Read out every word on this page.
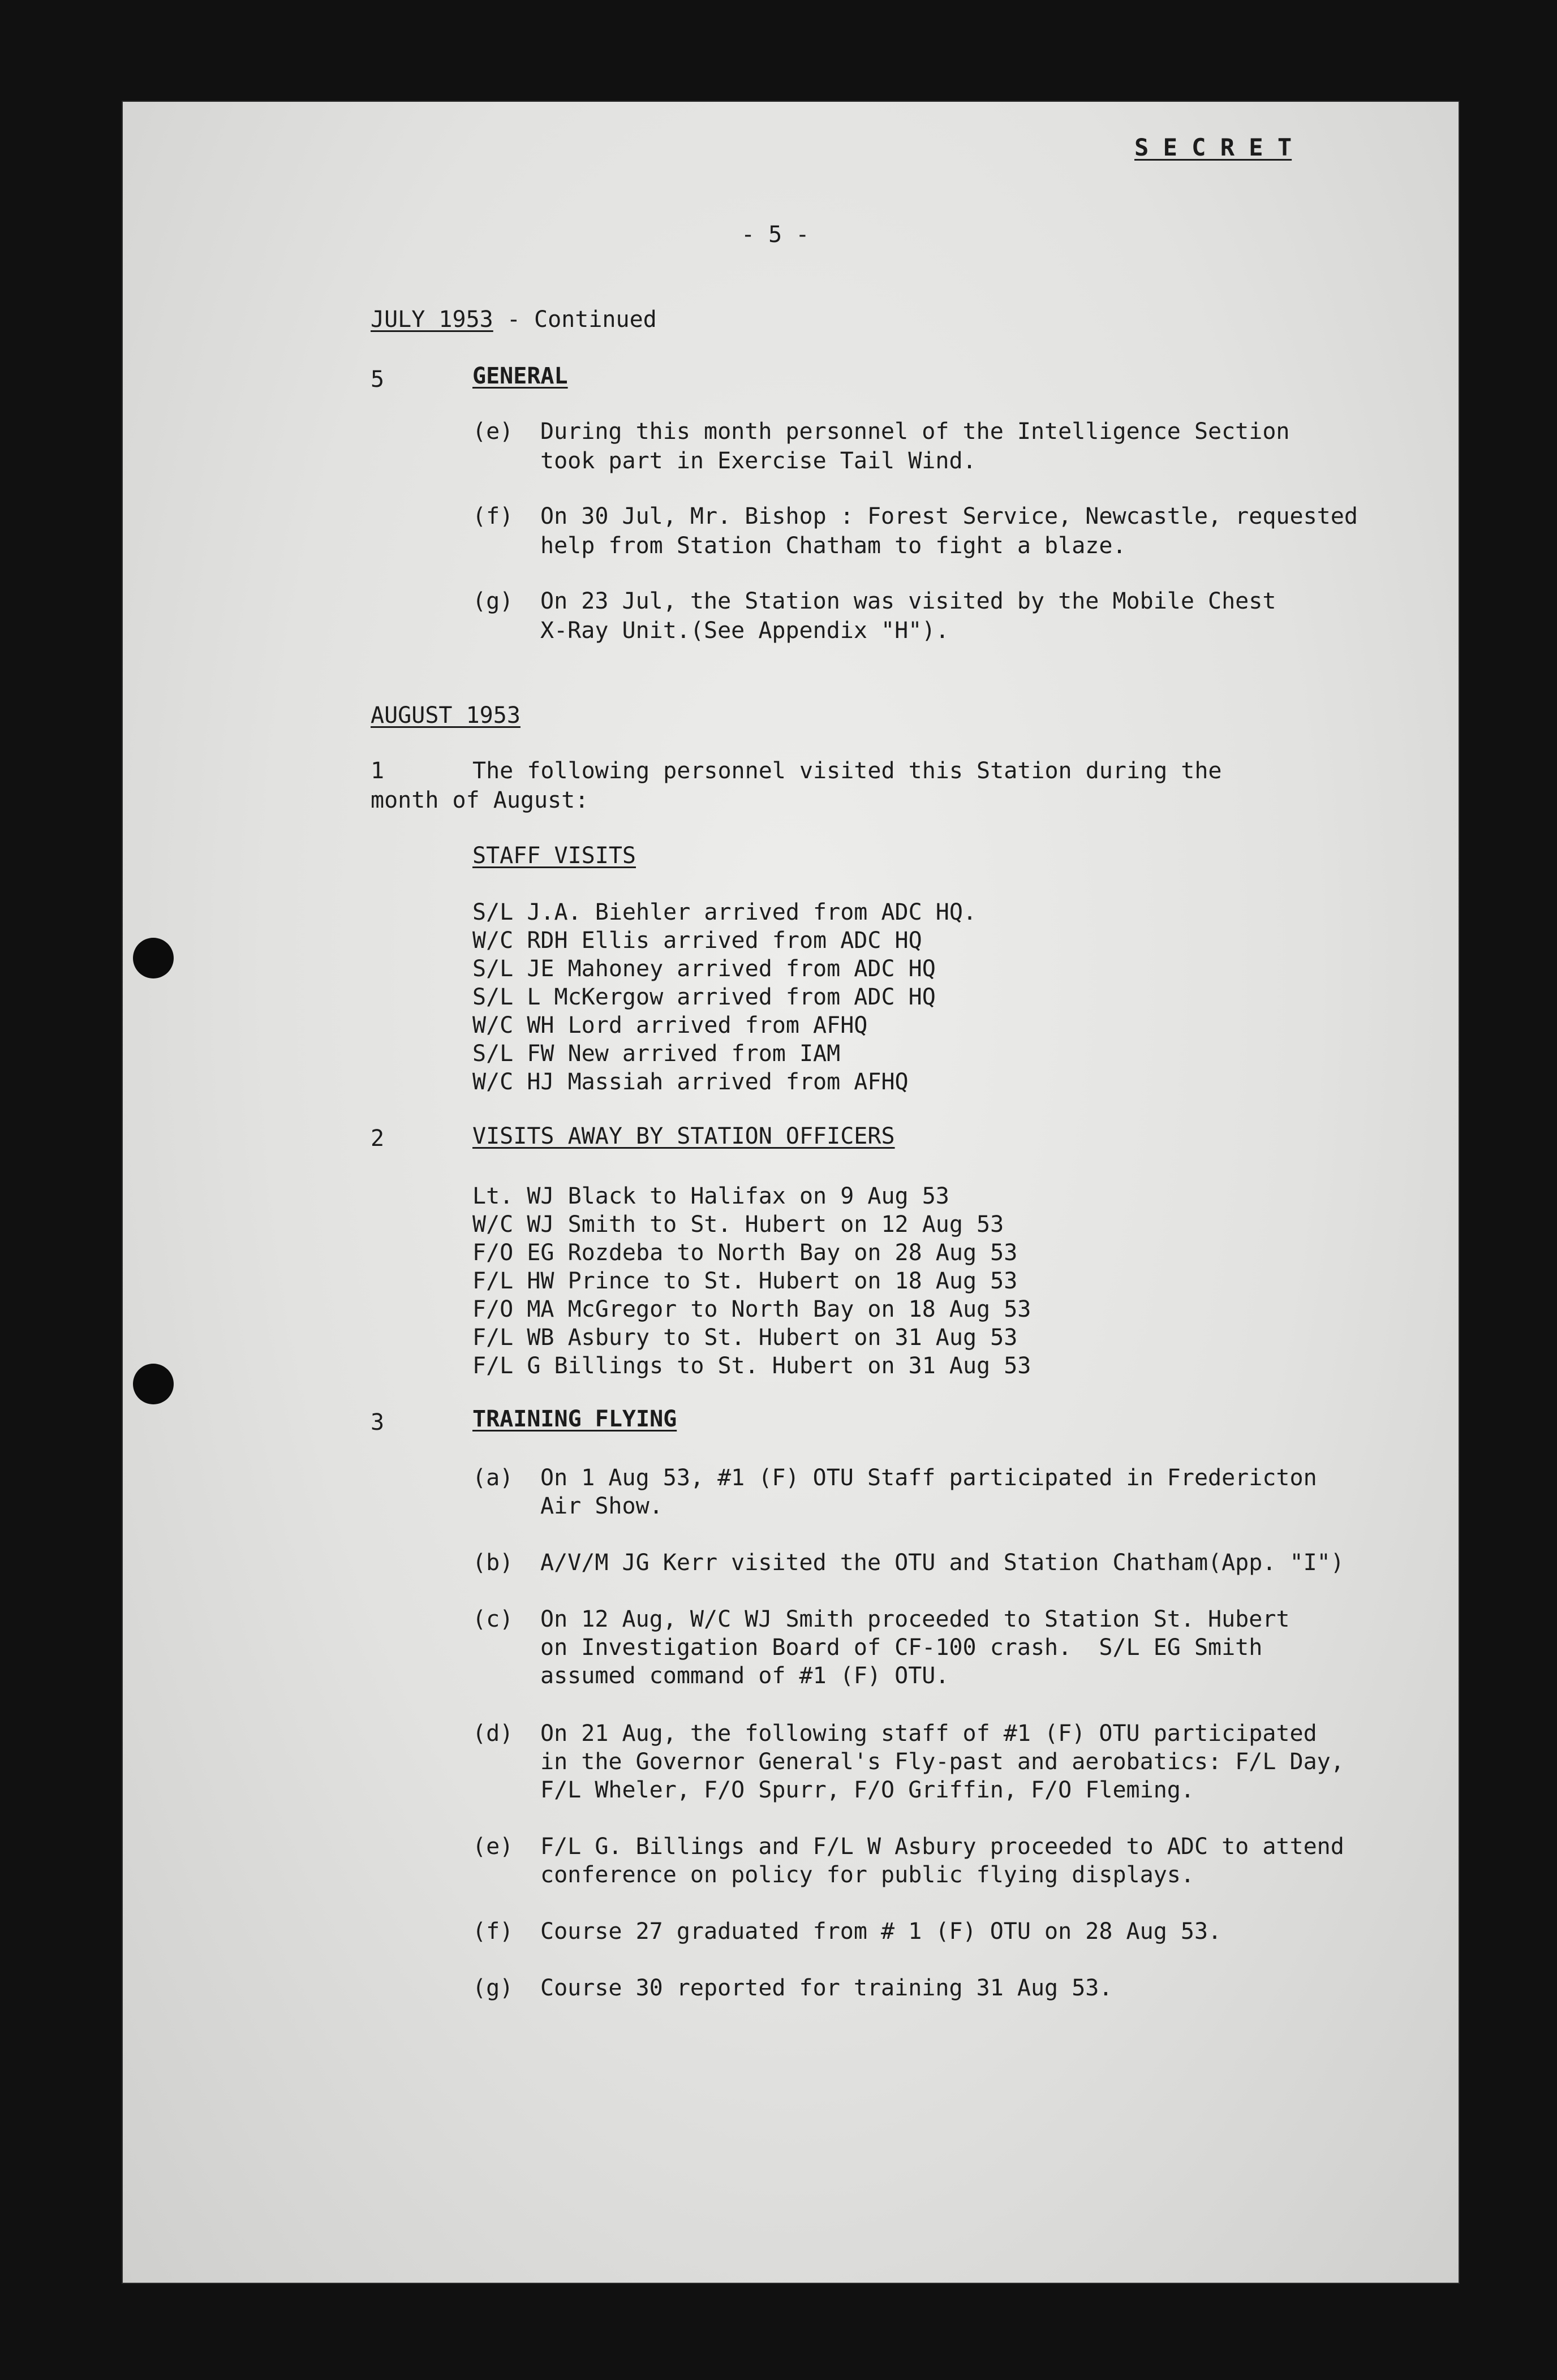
S E C R E T
- 5 -
JULY 1953 - Continued
5	GENERAL
(e) During this month personnel of the Intelligence Section
took part in Exercise Tail Wind.
(f) On 30 Jul, Mr. Bishop : Forest Service, Newcastle, requested
help from Station Chatham to fight a blaze.
(g) On 23 Jul, the Station was visited by the Mobile Chest
X-Ray Unit.(See Appendix "H").
AUGUST 1953
1	The following personnel visited this Station during the
month of August:
STAFF VISITS
S/L J.A. Biehler arrived from ADC HQ.
W/C RDH Ellis arrived from ADC HQ
S/L JE Mahoney arrived from ADC HQ
S/L L McKergow arrived from ADC HQ
W/C WH Lord arrived from AFHQ
S/L FW New arrived from IAM
W/C HJ Massiah arrived from AFHQ
2	VISITS AWAY BY STATION OFFICERS
Lt. WJ Black to Halifax on 9 Aug 53
W/C WJ Smith to St. Hubert on 12 Aug 53
F/O EG Rozdeba to North Bay on 28 Aug 53
F/L HW Prince to St. Hubert on 18 Aug 53
F/O MA McGregor to North Bay on 18 Aug 53
F/L WB Asbury to St. Hubert on 31 Aug 53
F/L G Billings to St. Hubert on 31 Aug 53
3	TRAINING FLYING
(a) On 1 Aug 53, #1 (F) OTU Staff participated in Fredericton
Air Show.
(b) A/V/M JG Kerr visited the OTU and Station Chatham(App. "I")
(c) On 12 Aug, W/C WJ Smith proceeded to Station St. Hubert
on Investigation Board of CF-100 crash.  S/L EG Smith
assumed command of #1 (F) OTU.
(d) On 21 Aug, the following staff of #1 (F) OTU participated
in the Governor General's Fly-past and aerobatics: F/L Day,
F/L Wheler, F/O Spurr, F/O Griffin, F/O Fleming.
(e) F/L G. Billings and F/L W Asbury proceeded to ADC to attend
conference on policy for public flying displays.
(f) Course 27 graduated from # 1 (F) OTU on 28 Aug 53.
(g) Course 30 reported for training 31 Aug 53.
